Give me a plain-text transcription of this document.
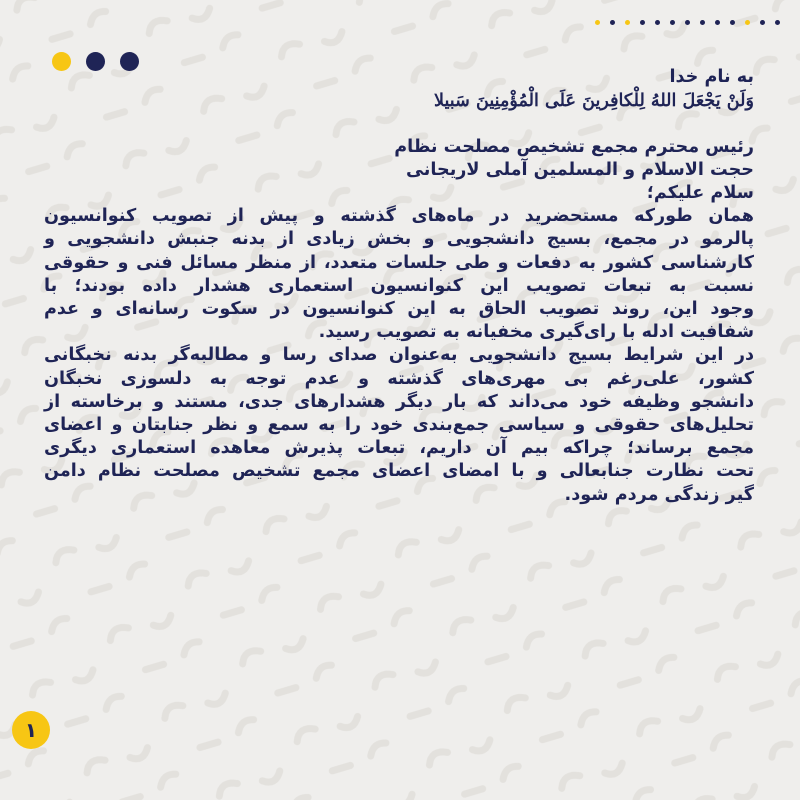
به نام خدا
وَلَنْ یَجْعَلَ اللهُ لِلْکافِرینَ عَلَی الْمُؤْمِنِینَ سَبیلا
رئیس محترم مجمع تشخیص مصلحت نظام
حجت الاسلام و المسلمین آملی لاریجانی
سلام علیکم؛
همان طورکه مستحضرید در ماه‌های گذشته و پیش از تصویب کنوانسیون
پالرمو در مجمع، بسیج دانشجویی و بخش زیادی از بدنه جنبش دانشجویی و
کارشناسی کشور به دفعات و طی جلسات متعدد، از منظر مسائل فنی و حقوقی
نسبت به تبعات تصویب این کنوانسیون استعماری هشدار داده بودند؛ با
وجود این، روند تصویب الحاق به این کنوانسیون در سکوت رسانه‌ای و عدم
شفافیت ادله با رای‌گیری مخفیانه به تصویب رسید.
در این شرایط بسیج دانشجویی به‌عنوان صدای رسا و مطالبه‌گر بدنه نخبگانی
کشور، علی‌رغم بی مهری‌های گذشته و عدم توجه به دلسوزی نخبگان
دانشجو وظیفه خود می‌داند که بار دیگر هشدارهای جدی، مستند و برخاسته از
تحلیل‌های حقوقی و سیاسی جمع‌بندی خود را به سمع و نظر جنابتان و اعضای
مجمع برساند؛ چراکه بیم آن داریم، تبعات پذیرش معاهده استعماری دیگری
تحت نظارت جنابعالی و با امضای اعضای مجمع تشخیص مصلحت نظام دامن
گیر زندگی مردم شود.
۱
